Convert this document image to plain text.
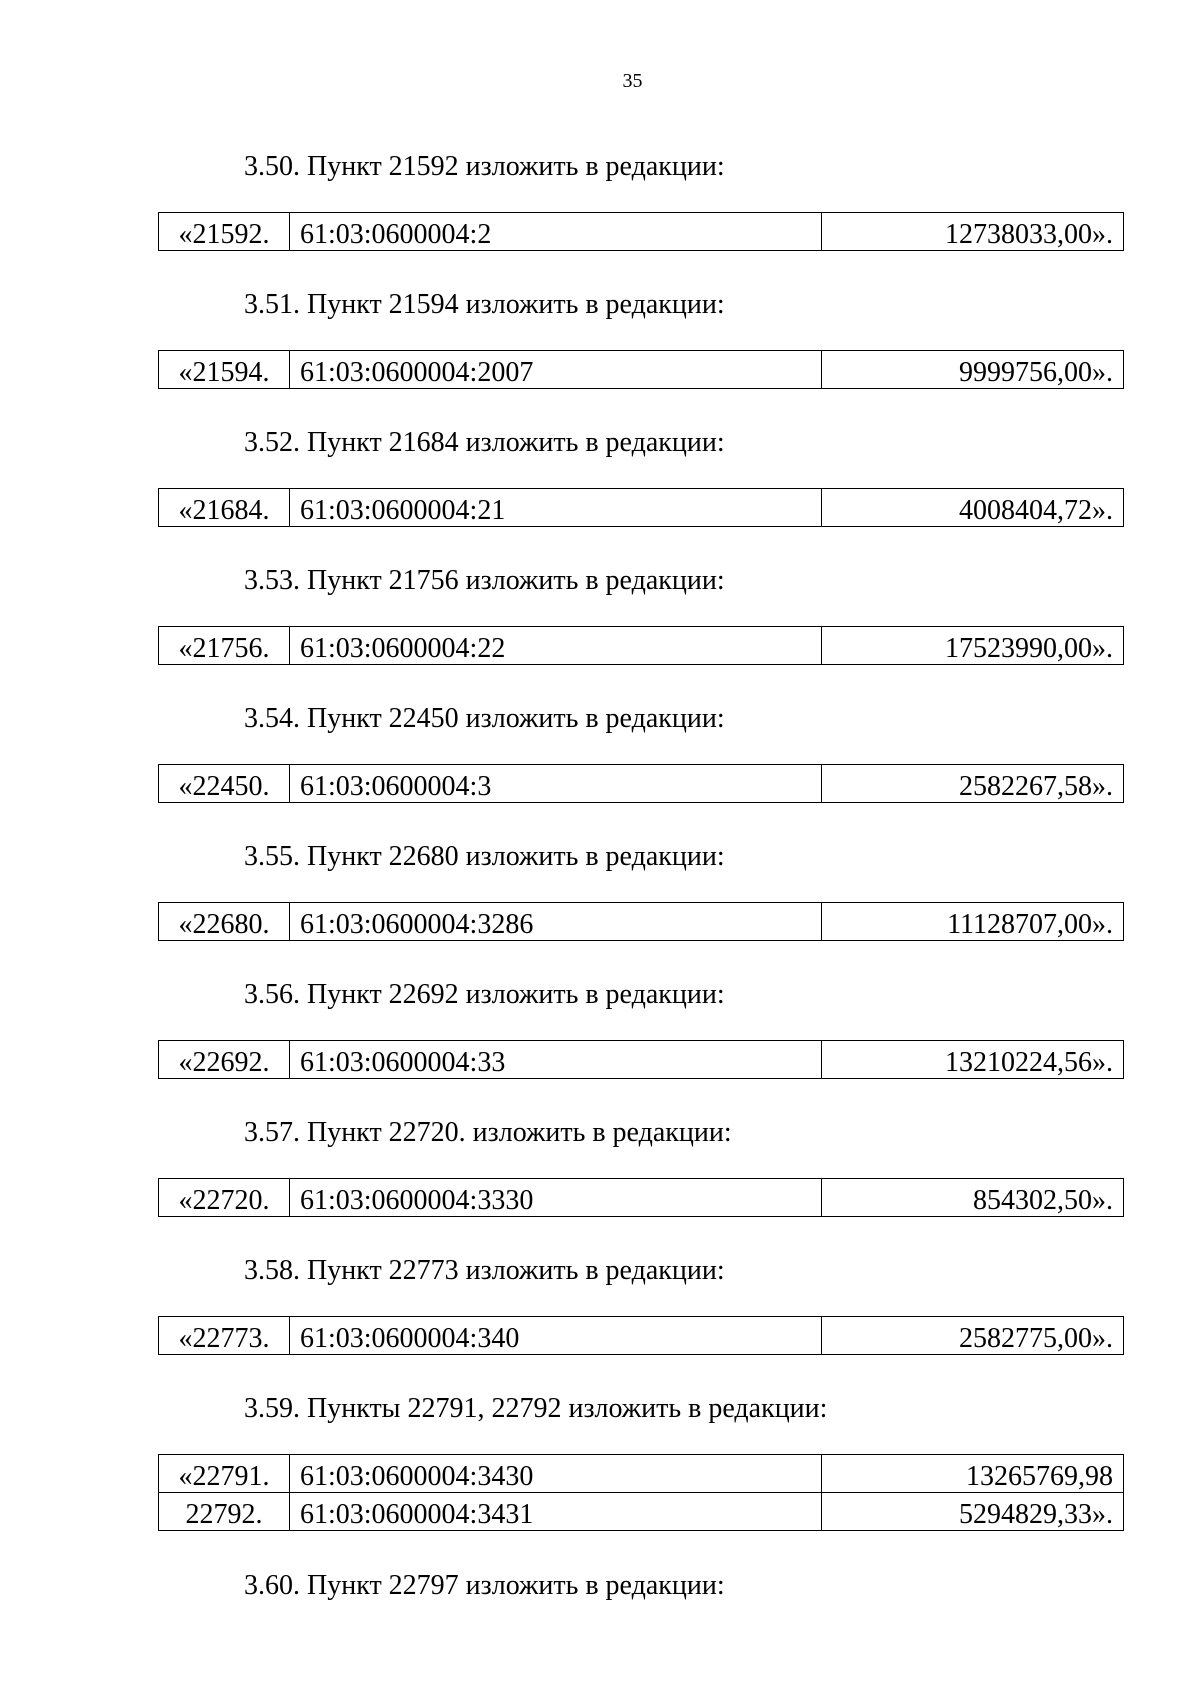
35
3.50. Пункт 21592 изложить в редакции:
«21592.	61:03:0600004:2	12738033,00».
3.51. Пункт 21594 изложить в редакции:
«21594.	61:03:0600004:2007	9999756,00».
3.52. Пункт 21684 изложить в редакции:
«21684.	61:03:0600004:21	4008404,72».
3.53. Пункт 21756 изложить в редакции:
«21756.	61:03:0600004:22	17523990,00».
3.54. Пункт 22450 изложить в редакции:
«22450.	61:03:0600004:3	2582267,58».
3.55. Пункт 22680 изложить в редакции:
«22680.	61:03:0600004:3286	11128707,00».
3.56. Пункт 22692 изложить в редакции:
«22692.	61:03:0600004:33	13210224,56».
3.57. Пункт 22720. изложить в редакции:
«22720.	61:03:0600004:3330	854302,50».
3.58. Пункт 22773 изложить в редакции:
«22773.	61:03:0600004:340	2582775,00».
3.59. Пункты 22791, 22792 изложить в редакции:
«22791.	61:03:0600004:3430	13265769,98
22792.	61:03:0600004:3431	5294829,33».
3.60. Пункт 22797 изложить в редакции:
